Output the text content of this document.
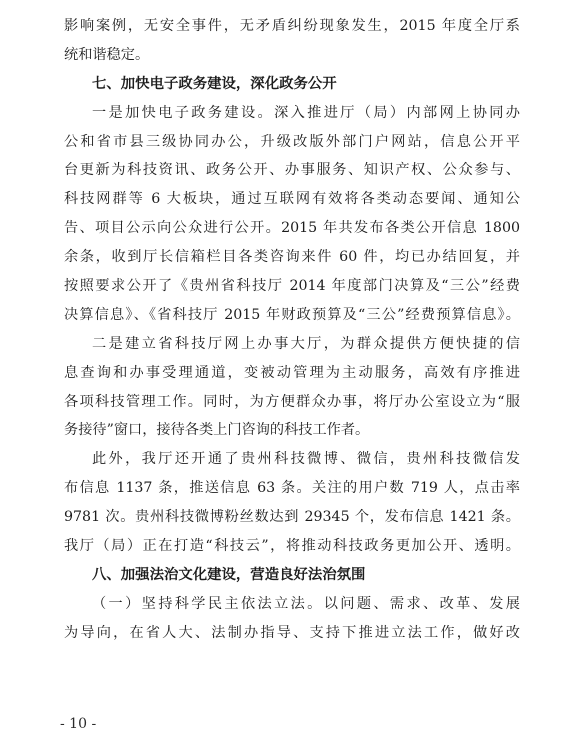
影响案例，无安全事件，无矛盾纠纷现象发生，2015 年度全厅系
统和谐稳定。
七、加快电子政务建设，深化政务公开
一是加快电子政务建设。深入推进厅（局）内部网上协同办
公和省市县三级协同办公，升级改版外部门户网站，信息公开平
台更新为科技资讯、政务公开、办事服务、知识产权、公众参与、
科技网群等 6 大板块，通过互联网有效将各类动态要闻、通知公
告、项目公示向公众进行公开。2015 年共发布各类公开信息 1800
余条，收到厅长信箱栏目各类咨询来件 60 件，均已办结回复，并
按照要求公开了《贵州省科技厅 2014 年度部门决算及“三公”经费
决算信息》、《省科技厅 2015 年财政预算及“三公”经费预算信息》。
二是建立省科技厅网上办事大厅，为群众提供方便快捷的信
息查询和办事受理通道，变被动管理为主动服务，高效有序推进
各项科技管理工作。同时，为方便群众办事，将厅办公室设立为“服
务接待”窗口，接待各类上门咨询的科技工作者。
此外，我厅还开通了贵州科技微博、微信，贵州科技微信发
布信息 1137 条，推送信息 63 条。关注的用户数 719 人，点击率
9781 次。贵州科技微博粉丝数达到 29345 个，发布信息 1421 条。
我厅（局）正在打造“科技云”，将推动科技政务更加公开、透明。
八、加强法治文化建设，营造良好法治氛围
（一）坚持科学民主依法立法。以问题、需求、改革、发展
为导向，在省人大、法制办指导、支持下推进立法工作，做好改
- 10 -
